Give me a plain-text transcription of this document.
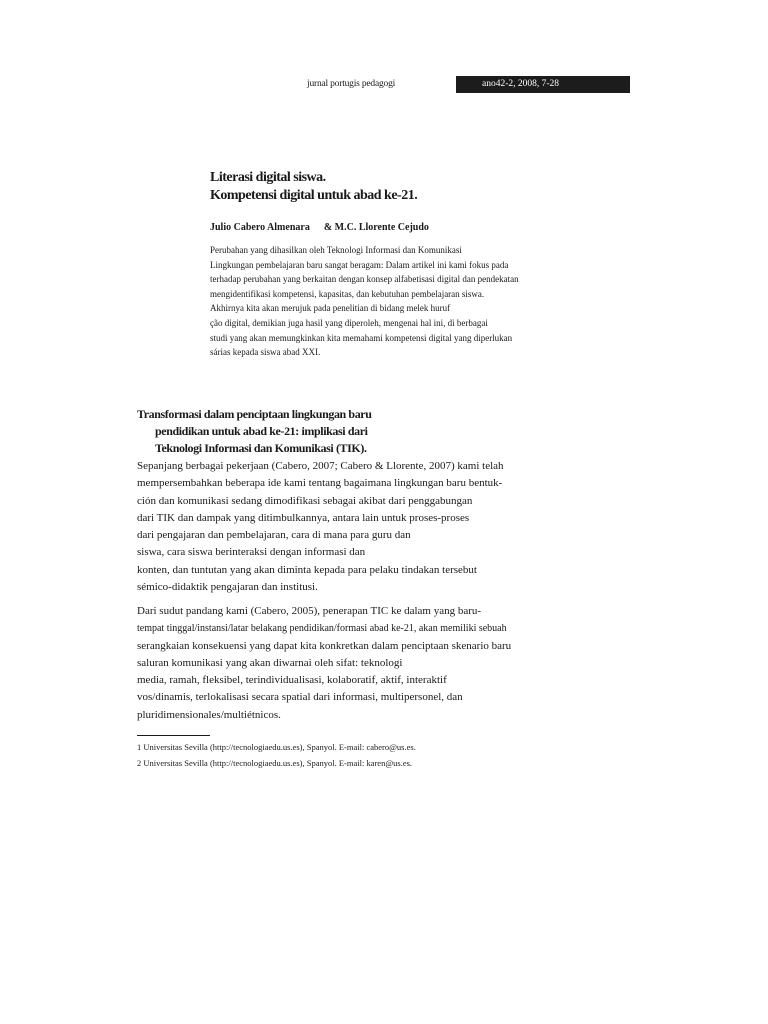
jurnal portugis pedagogi	ano42-2, 2008, 7-28
Literasi digital siswa.
Kompetensi digital untuk abad ke-21.
Julio Cabero Almenara & M.C. Llorente Cejudo
Perubahan yang dihasilkan oleh Teknologi Informasi dan Komunikasi
Lingkungan pembelajaran baru sangat beragam: Dalam artikel ini kami fokus pada
terhadap perubahan yang berkaitan dengan konsep alfabetisasi digital dan pendekatan
mengidentifikasi kompetensi, kapasitas, dan kebutuhan pembelajaran siswa.
Akhirnya kita akan merujuk pada penelitian di bidang melek huruf
ção digital, demikian juga hasil yang diperoleh, mengenai hal ini, di berbagai
studi yang akan memungkinkan kita memahami kompetensi digital yang diperlukan
sárias kepada siswa abad XXI.
Transformasi dalam penciptaan lingkungan baru
pendidikan untuk abad ke-21: implikasi dari
Teknologi Informasi dan Komunikasi (TIK).
Sepanjang berbagai pekerjaan (Cabero, 2007; Cabero & Llorente, 2007) kami telah
mempersembahkan beberapa ide kami tentang bagaimana lingkungan baru bentuk-
ción dan komunikasi sedang dimodifikasi sebagai akibat dari penggabungan
dari TIK dan dampak yang ditimbulkannya, antara lain untuk proses-proses
dari pengajaran dan pembelajaran, cara di mana para guru dan
siswa, cara siswa berinteraksi dengan informasi dan
konten, dan tuntutan yang akan diminta kepada para pelaku tindakan tersebut
sémico-didaktik pengajaran dan institusi.
Dari sudut pandang kami (Cabero, 2005), penerapan TIC ke dalam yang baru-
tempat tinggal/instansi/latar belakang pendidikan/formasi abad ke-21, akan memiliki sebuah
serangkaian konsekuensi yang dapat kita konkretkan dalam penciptaan skenario baru
saluran komunikasi yang akan diwarnai oleh sifat: teknologi
media, ramah, fleksibel, terindividualisasi, kolaboratif, aktif, interaktif
vos/dinamis, terlokalisasi secara spatial dari informasi, multipersonel, dan
pluridimensionales/multiétnicos.
1 Universitas Sevilla (http://tecnologiaedu.us.es), Spanyol. E-mail: cabero@us.es.
2 Universitas Sevilla (http://tecnologiaedu.us.es), Spanyol. E-mail: karen@us.es.
